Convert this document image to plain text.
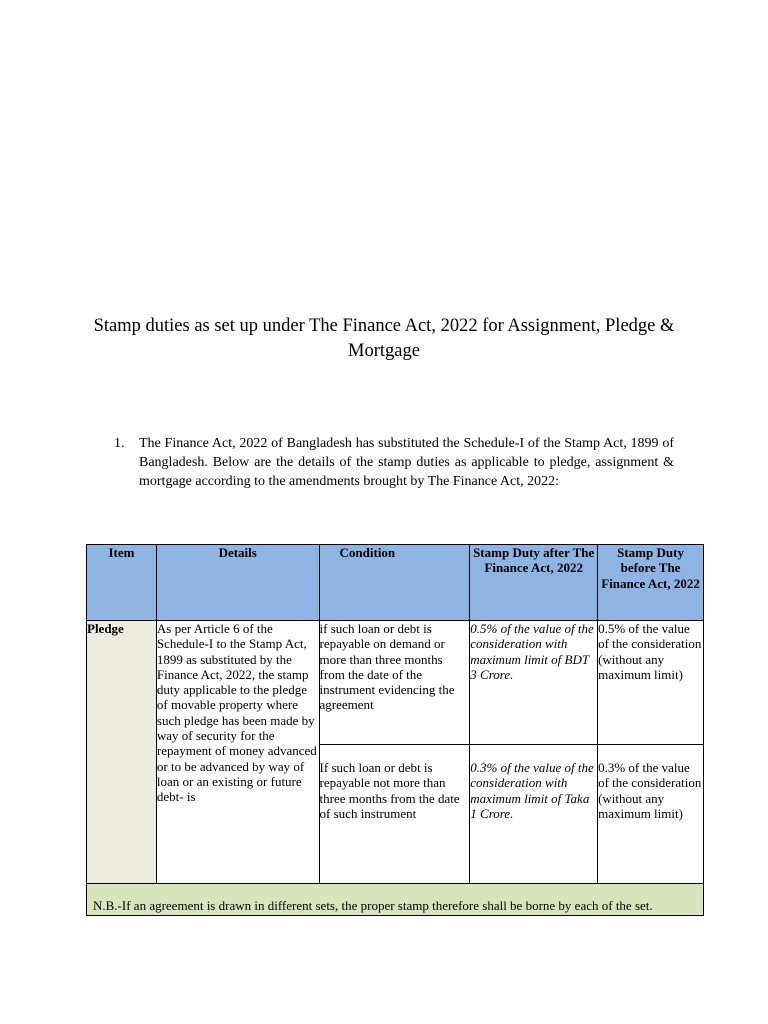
Stamp duties as set up under The Finance Act, 2022 for Assignment, Pledge & Mortgage
1.	The Finance Act, 2022 of Bangladesh has substituted the Schedule-I of the Stamp Act, 1899 of Bangladesh. Below are the details of the stamp duties as applicable to pledge, assignment & mortgage according to the amendments brought by The Finance Act, 2022:
Item	Details	Condition	Stamp Duty after The Finance Act, 2022	Stamp Duty before The Finance Act, 2022
Pledge	As per Article 6 of the Schedule-I to the Stamp Act, 1899 as substituted by the Finance Act, 2022, the stamp duty applicable to the pledge of movable property where such pledge has been made by way of security for the repayment of money advanced or to be advanced by way of loan or an existing or future debt- is	if such loan or debt is repayable on demand or more than three months from the date of the instrument evidencing the agreement	0.5% of the value of the consideration with maximum limit of BDT 3 Crore.	0.5% of the value of the consideration (without any maximum limit)
		If such loan or debt is repayable not more than three months from the date of such instrument	0.3% of the value of the consideration with maximum limit of Taka 1 Crore.	0.3% of the value of the consideration (without any maximum limit)
N.B.-If an agreement is drawn in different sets, the proper stamp therefore shall be borne by each of the set.				
